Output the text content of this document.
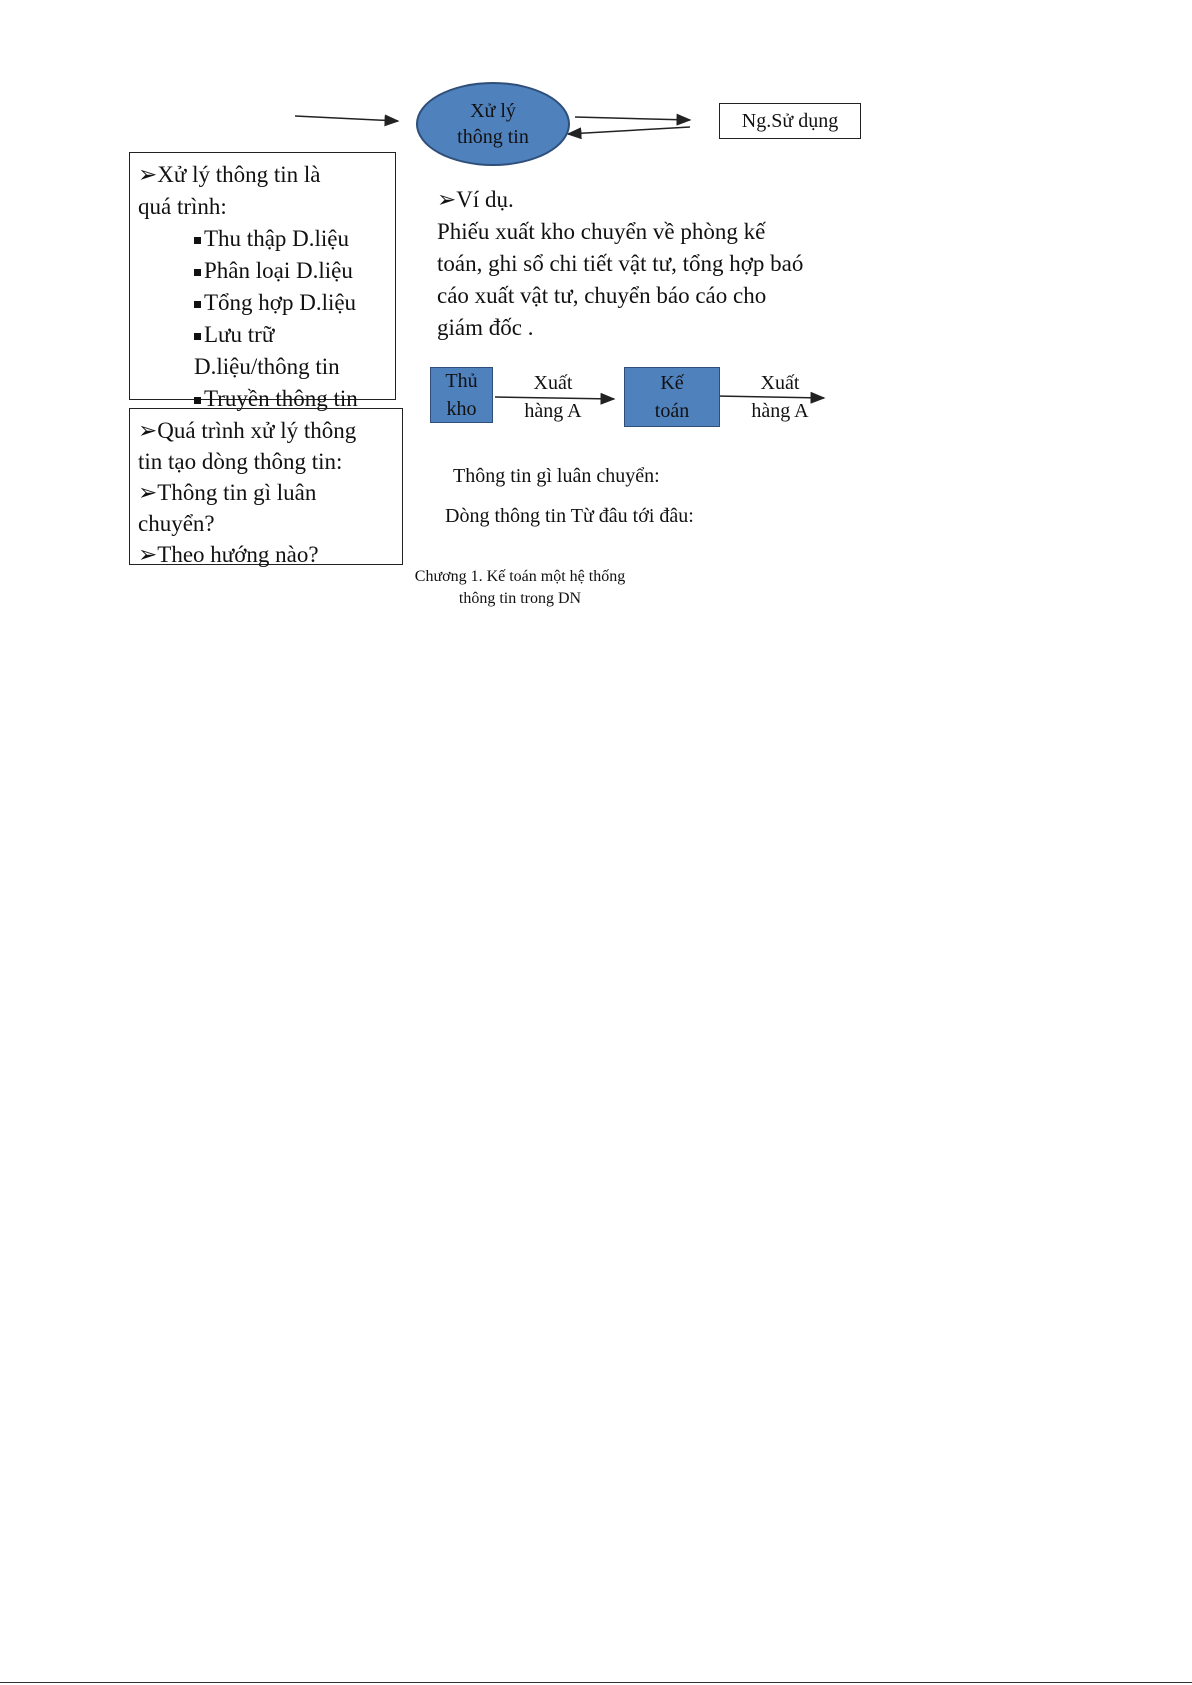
Xử lý
thông tin
Ng.Sử dụng
➢Xử lý thông tin là
quá trình:
Thu thập D.liệu
Phân loại D.liệu
Tổng hợp D.liệu
Lưu trữ
D.liệu/thông tin
Truyền thông tin
➢Quá trình xử lý thông
tin tạo dòng thông tin:
➢Thông tin gì luân
chuyển?
➢Theo hướng nào?
➢Ví dụ.
Phiếu xuất kho chuyển về phòng kế
toán, ghi sổ chi tiết vật tư, tổng hợp baó
cáo xuất vật tư, chuyển báo cáo cho
giám đốc .
Thủ
kho
Xuất
hàng A
Kế
toán
Xuất
hàng A
Thông tin gì luân chuyển:
Dòng thông tin Từ đâu tới đâu:
Chương 1. Kế toán một hệ thống
thông tin trong DN
